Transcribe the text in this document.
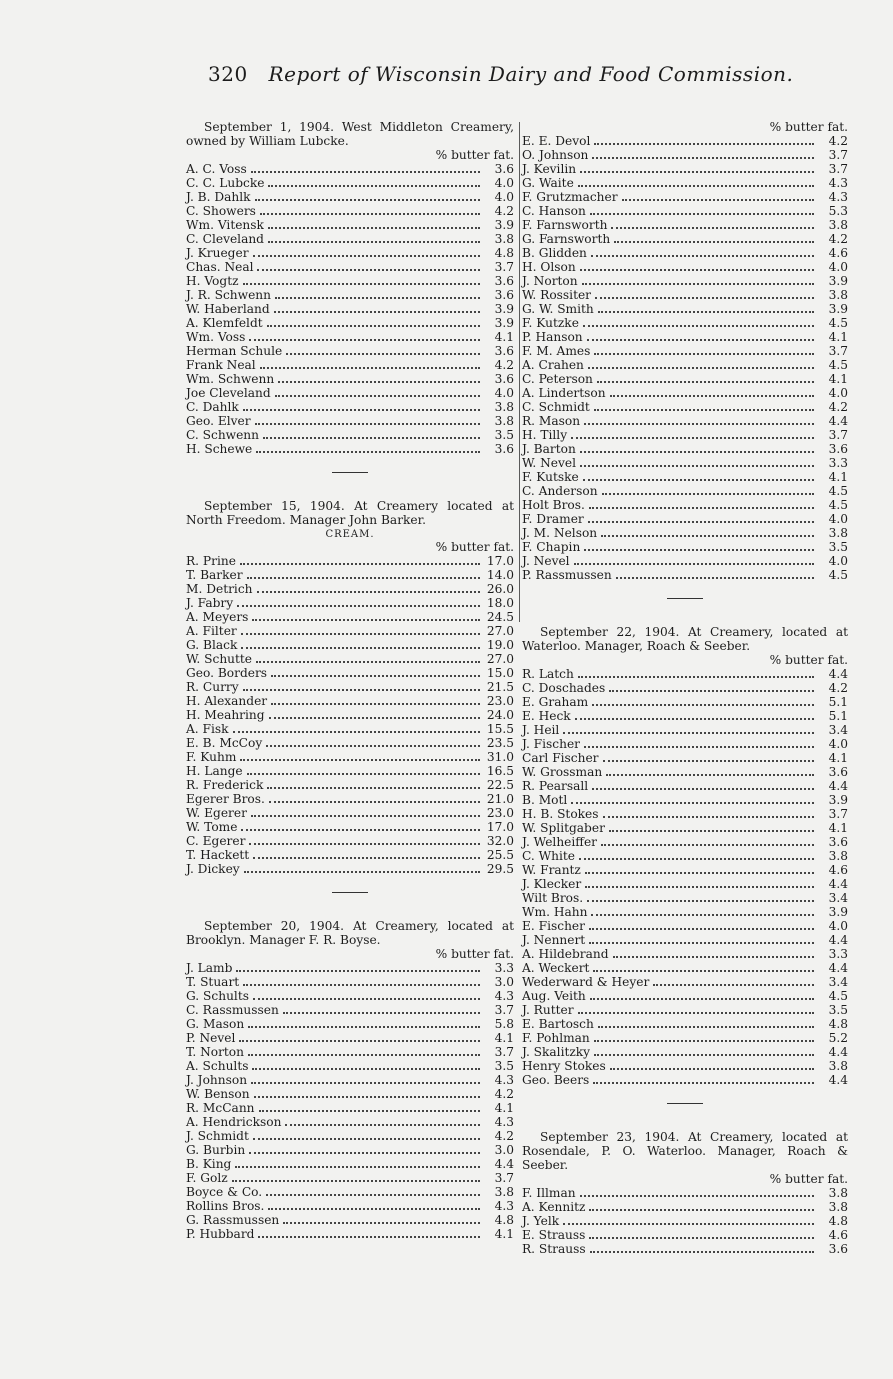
320 Report of Wisconsin Dairy and Food Commission.
September 1, 1904. West Middleton Creamery, owned by William Lubcke.
% butter fat.
A. C. Voss	3.6
C. C. Lubcke	4.0
J. B. Dahlk	4.0
C. Showers	4.2
Wm. Vitensk	3.9
C. Cleveland	3.8
J. Krueger	4.8
Chas. Neal	3.7
H. Vogtz	3.6
J. R. Schwenn	3.6
W. Haberland	3.9
A. Klemfeldt	3.9
Wm. Voss	4.1
Herman Schule	3.6
Frank Neal	4.2
Wm. Schwenn	3.6
Joe Cleveland	4.0
C. Dahlk	3.8
Geo. Elver	3.8
C. Schwenn	3.5
H. Schewe	3.6
September 15, 1904. At Creamery located at North Freedom. Manager John Barker.
CREAM.
% butter fat.
R. Prine	17.0
T. Barker	14.0
M. Detrich	26.0
J. Fabry	18.0
A. Meyers	24.5
A. Filter	27.0
G. Black	19.0
W. Schutte	27.0
Geo. Borders	15.0
R. Curry	21.5
H. Alexander	23.0
H. Meahring	24.0
A. Fisk	15.5
E. B. McCoy	23.5
F. Kuhm	31.0
H. Lange	16.5
R. Frederick	22.5
Egerer Bros.	21.0
W. Egerer	23.0
W. Tome	17.0
C. Egerer	32.0
T. Hackett	25.5
J. Dickey	29.5
September 20, 1904. At Creamery, located at Brooklyn. Manager F. R. Boyse.
% butter fat.
J. Lamb	3.3
T. Stuart	3.0
G. Schults	4.3
C. Rassmussen	3.7
G. Mason	5.8
P. Nevel	4.1
T. Norton	3.7
A. Schults	3.5
J. Johnson	4.3
W. Benson	4.2
R. McCann	4.1
A. Hendrickson	4.3
J. Schmidt	4.2
G. Burbin	3.0
B. King	4.4
F. Golz	3.7
Boyce & Co.	3.8
Rollins Bros.	4.3
G. Rassmussen	4.8
P. Hubbard	4.1
% butter fat.
E. E. Devol	4.2
O. Johnson	3.7
J. Kevilin	3.7
G. Waite	4.3
F. Grutzmacher	4.3
C. Hanson	5.3
F. Farnsworth	3.8
G. Farnsworth	4.2
B. Glidden	4.6
H. Olson	4.0
J. Norton	3.9
W. Rossiter	3.8
G. W. Smith	3.9
F. Kutzke	4.5
P. Hanson	4.1
F. M. Ames	3.7
A. Crahen	4.5
C. Peterson	4.1
A. Lindertson	4.0
C. Schmidt	4.2
R. Mason	4.4
H. Tilly	3.7
J. Barton	3.6
W. Nevel	3.3
F. Kutske	4.1
C. Anderson	4.5
Holt Bros.	4.5
F. Dramer	4.0
J. M. Nelson	3.8
F. Chapin	3.5
J. Nevel	4.0
P. Rassmussen	4.5
September 22, 1904. At Creamery, located at Waterloo. Manager, Roach & Seeber.
% butter fat.
R. Latch	4.4
C. Doschades	4.2
E. Graham	5.1
E. Heck	5.1
J. Heil	3.4
J. Fischer	4.0
Carl Fischer	4.1
W. Grossman	3.6
R. Pearsall	4.4
B. Motl	3.9
H. B. Stokes	3.7
W. Splitgaber	4.1
J. Welheiffer	3.6
C. White	3.8
W. Frantz	4.6
J. Klecker	4.4
Wilt Bros.	3.4
Wm. Hahn	3.9
E. Fischer	4.0
J. Nennert	4.4
A. Hildebrand	3.3
A. Weckert	4.4
Wederward & Heyer	3.4
Aug. Veith	4.5
J. Rutter	3.5
E. Bartosch	4.8
F. Pohlman	5.2
J. Skalitzky	4.4
Henry Stokes	3.8
Geo. Beers	4.4
September 23, 1904. At Creamery, located at Rosendale, P. O. Waterloo. Manager, Roach & Seeber.
% butter fat.
F. Illman	3.8
A. Kennitz	3.8
J. Yelk	4.8
E. Strauss	4.6
R. Strauss	3.6
